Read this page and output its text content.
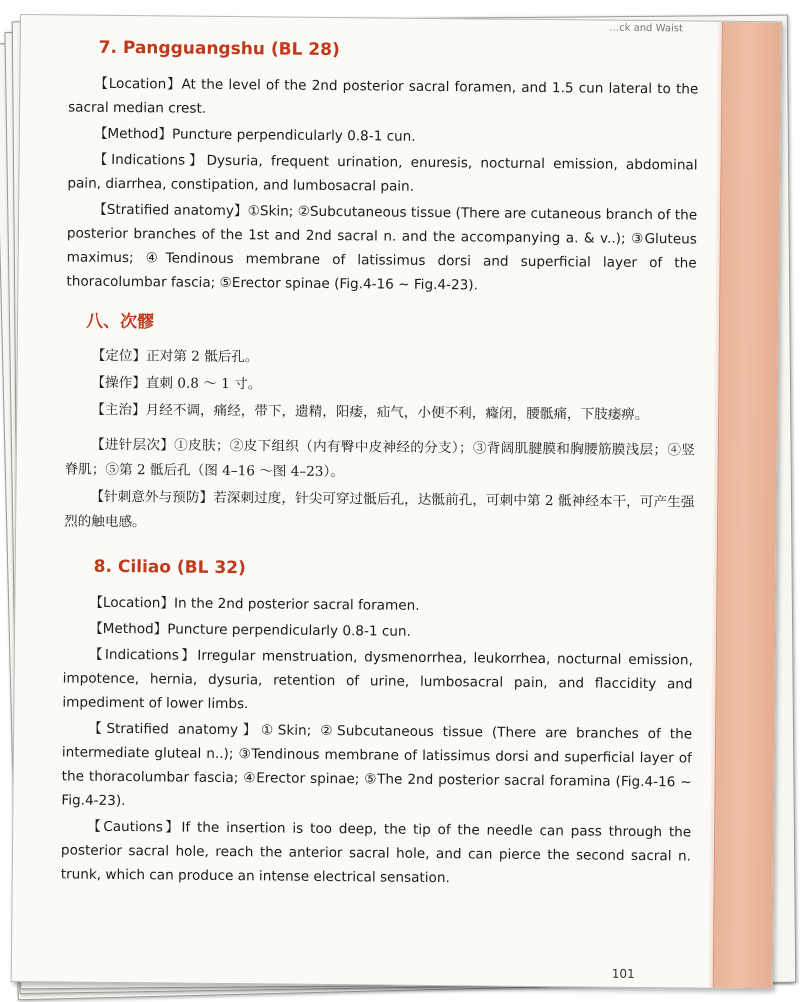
…ck and Waist
7. Pangguangshu (BL 28)

【Location】At the level of the 2nd posterior sacral foramen, and 1.5 cun lateral to the sacral median crest.

【Method】Puncture perpendicularly 0.8-1 cun.

【Indications】Dysuria, frequent urination, enuresis, nocturnal emission, abdominal pain, diarrhea, constipation, and lumbosacral pain.

【Stratified anatomy】①Skin; ②Subcutaneous tissue (There are cutaneous branch of the posterior branches of the 1st and 2nd sacral n. and the accompanying a. & v..); ③Gluteus maximus; ④Tendinous membrane of latissimus dorsi and superficial layer of the thoracolumbar fascia; ⑤Erector spinae (Fig.4-16 ~ Fig.4-23).

八、次髎

【定位】正对第 2 骶后孔。

【操作】直刺 0.8 ～ 1 寸。

【主治】月经不调，痛经，带下，遗精，阳痿，疝气，小便不利，癃闭，腰骶痛，下肢痿痹。

【进针层次】①皮肤；②皮下组织（内有臀中皮神经的分支）；③背阔肌腱膜和胸腰筋膜浅层；④竖脊肌；⑤第 2 骶后孔（图 4–16 ～图 4–23）。

【针刺意外与预防】若深刺过度，针尖可穿过骶后孔，达骶前孔，可刺中第 2 骶神经本干，可产生强烈的触电感。

8. Ciliao (BL 32)

【Location】In the 2nd posterior sacral foramen.

【Method】Puncture perpendicularly 0.8-1 cun.

【Indications】Irregular menstruation, dysmenorrhea, leukorrhea, nocturnal emission, impotence, hernia, dysuria, retention of urine, lumbosacral pain, and flaccidity and impediment of lower limbs.

【Stratified anatomy】①Skin; ②Subcutaneous tissue (There are branches of the intermediate gluteal n..); ③Tendinous membrane of latissimus dorsi and superficial layer of the thoracolumbar fascia; ④Erector spinae; ⑤The 2nd posterior sacral foramina (Fig.4-16 ~ Fig.4-23).

【Cautions】If the insertion is too deep, the tip of the needle can pass through the posterior sacral hole, reach the anterior sacral hole, and can pierce the second sacral n. trunk, which can produce an intense electrical sensation.

101
